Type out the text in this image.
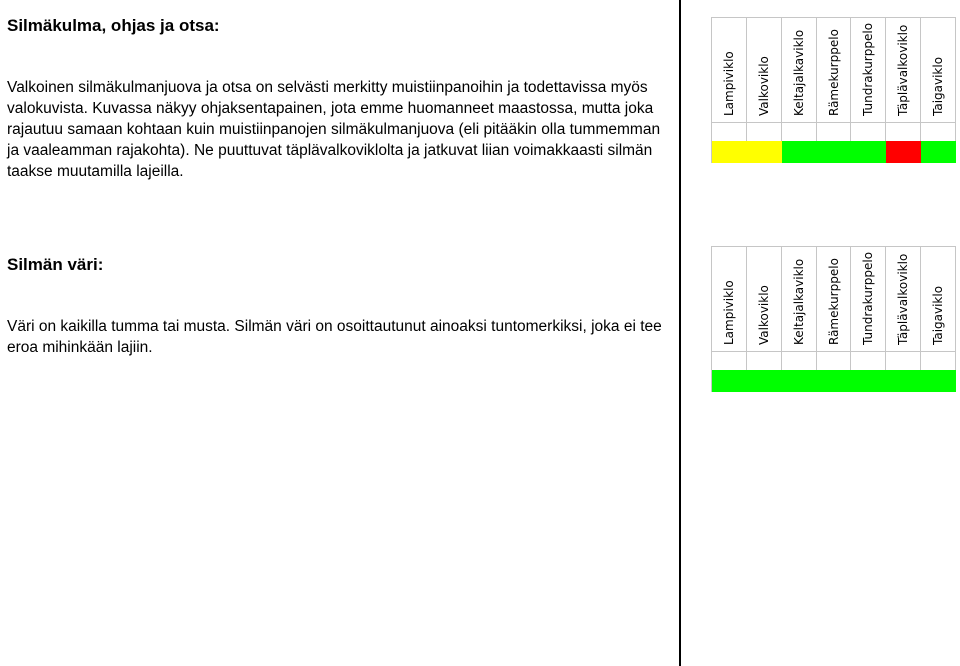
Silmäkulma, ohjas ja otsa:

Valkoinen silmäkulmanjuova ja otsa on selvästi merkitty muistiinpanoihin ja todettavissa myös valokuvista. Kuvassa näkyy ohjaksentapainen, jota emme huomanneet maastossa, mutta joka rajautuu samaan kohtaan kuin muistiinpanojen silmäkulmanjuova (eli pitääkin olla tummemman ja vaaleamman rajakohta). Ne puuttuvat täplävalkoviklolta ja jatkuvat liian voimakkaasti silmän taakse muutamilla lajeilla.

Silmän väri:

Väri on kaikilla tumma tai musta. Silmän väri on osoittautunut ainoaksi tuntomerkiksi, joka ei tee eroa mihinkään lajiin.

Lampiviklo Valkoviklo Keltajalkaviklo Rämekurppelo Tundrakurppelo Täplävalkoviklo Taigaviklo
Lampiviklo Valkoviklo Keltajalkaviklo Rämekurppelo Tundrakurppelo Täplävalkoviklo Taigaviklo
